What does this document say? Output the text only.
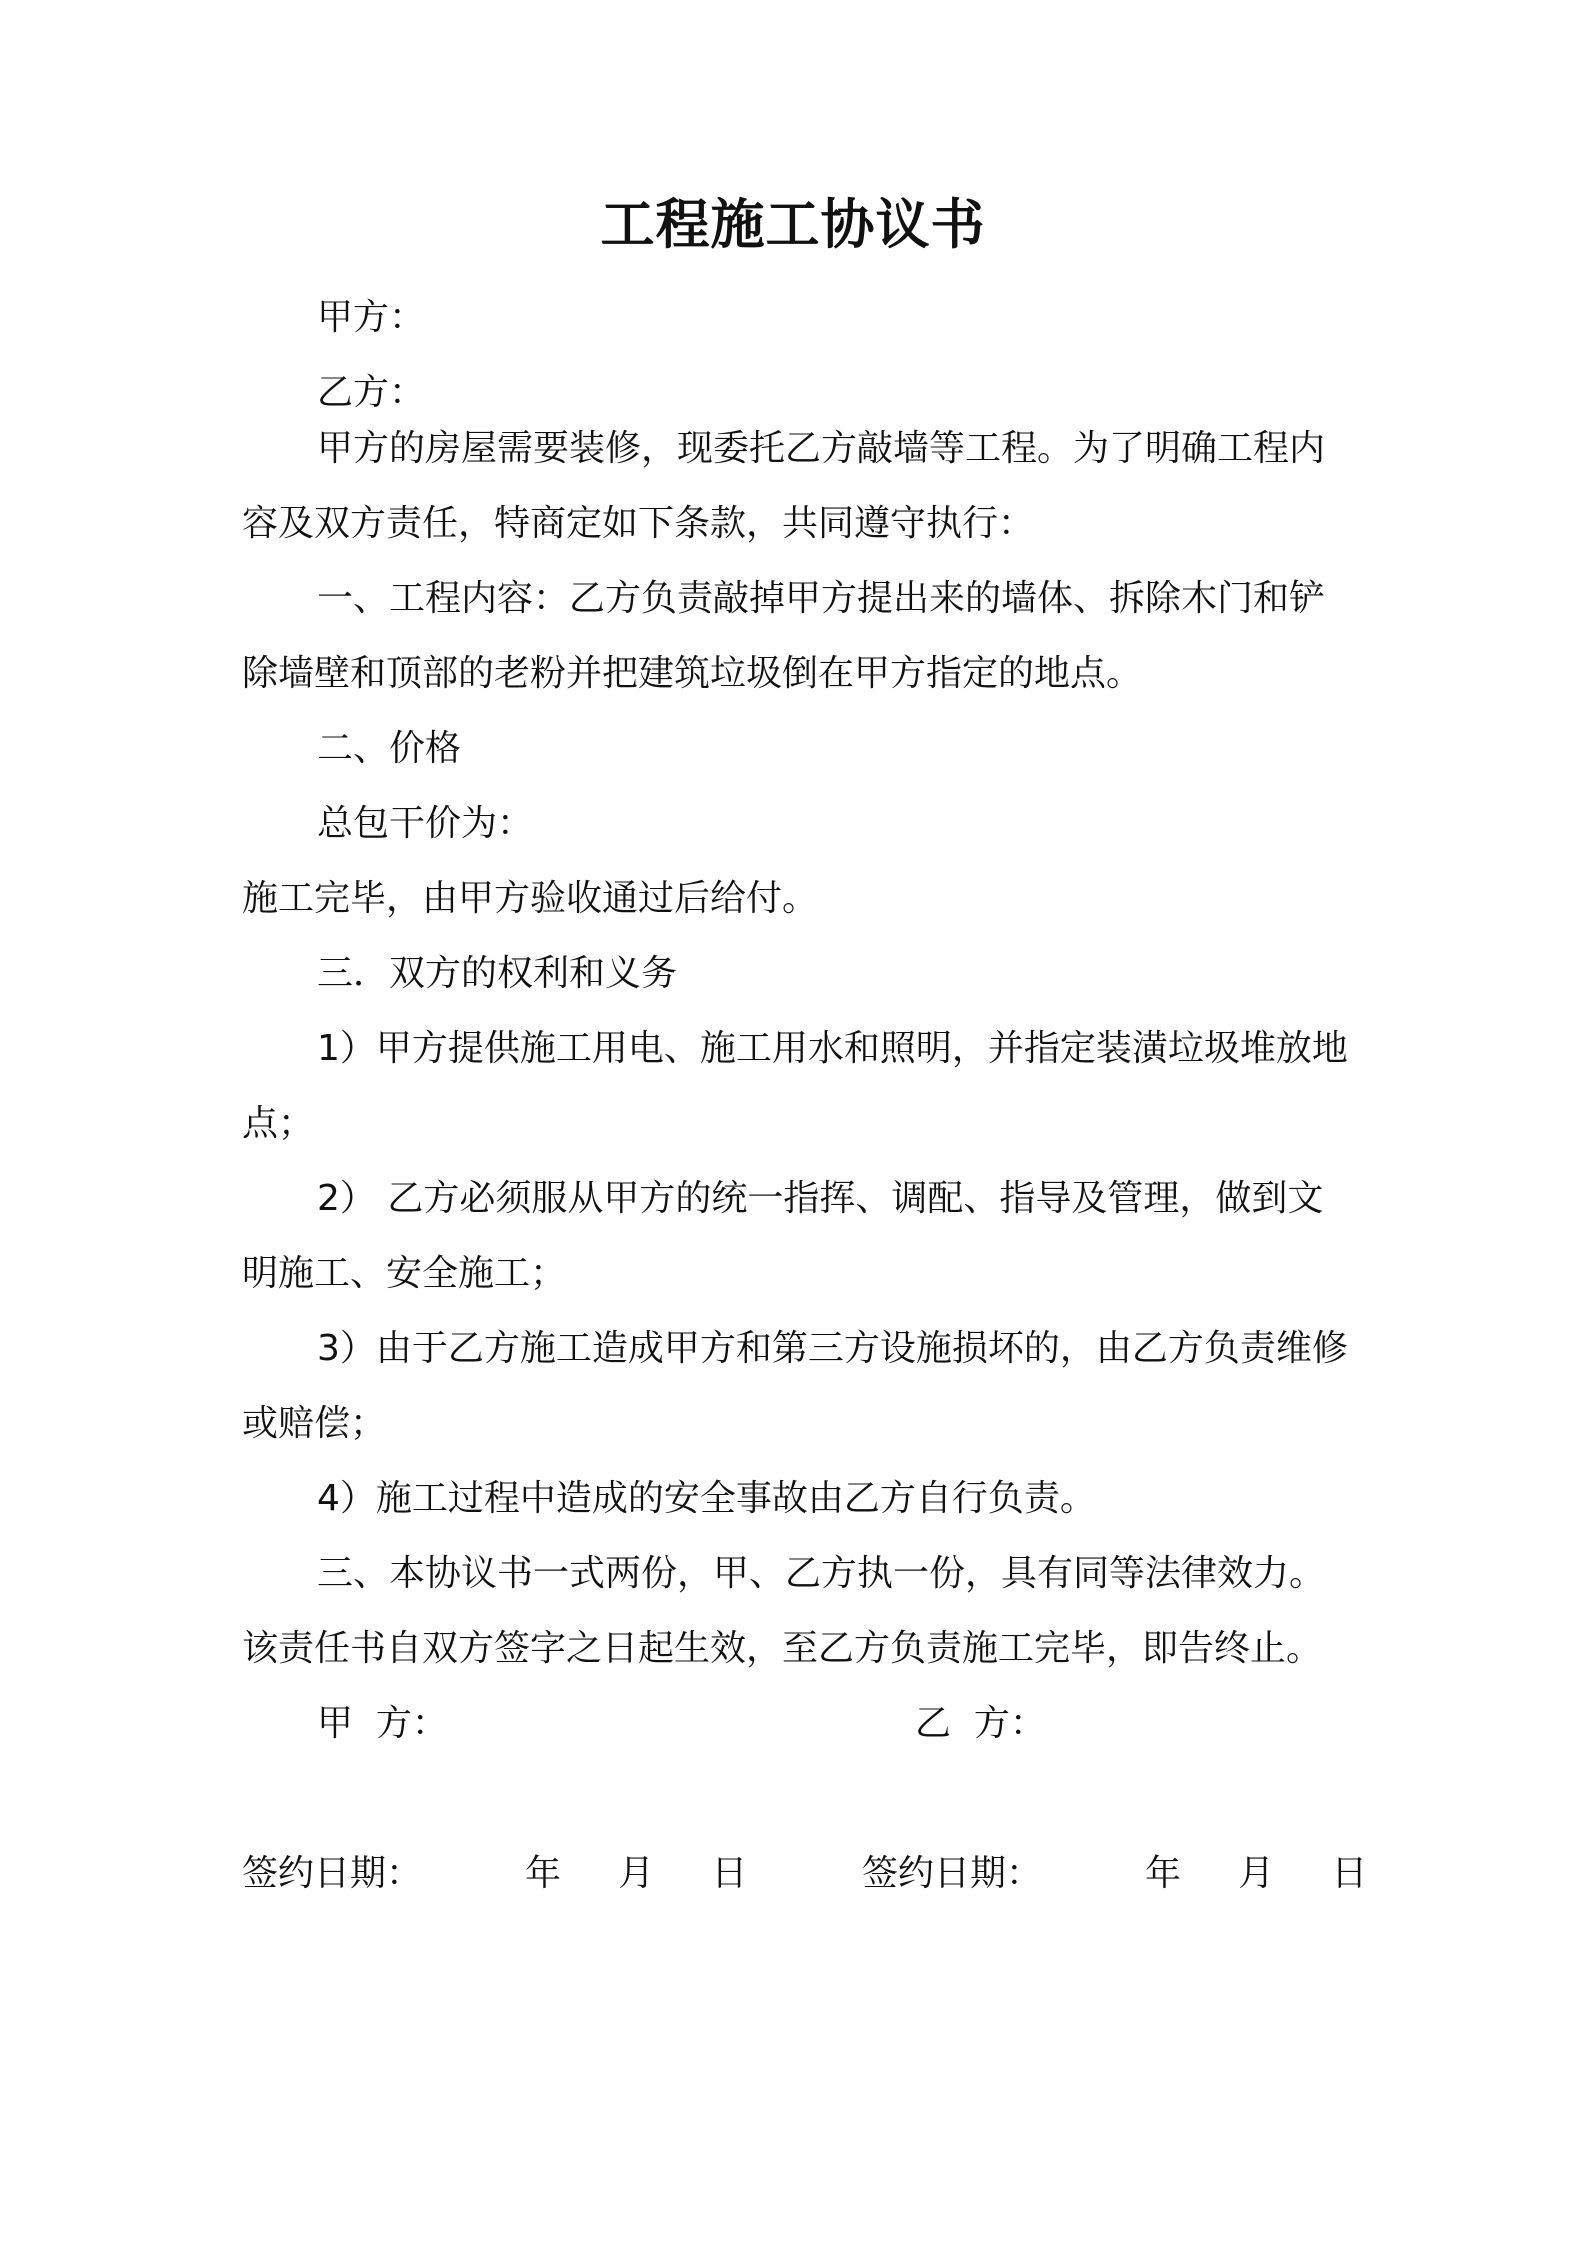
工程施工协议书

甲方：

乙方：

甲方的房屋需要装修，现委托乙方敲墙等工程。为了明确工程内容及双方责任，特商定如下条款，共同遵守执行：

一、工程内容：乙方负责敲掉甲方提出来的墙体、拆除木门和铲除墙壁和顶部的老粉并把建筑垃圾倒在甲方指定的地点。

二、价格

总包干价为：

施工完毕，由甲方验收通过后给付。

三．双方的权利和义务

1）甲方提供施工用电、施工用水和照明，并指定装潢垃圾堆放地点；

2） 乙方必须服从甲方的统一指挥、调配、指导及管理，做到文明施工、安全施工；

3）由于乙方施工造成甲方和第三方设施损坏的，由乙方负责维修或赔偿；

4）施工过程中造成的安全事故由乙方自行负责。

三、本协议书一式两份，甲、乙方执一份，具有同等法律效力。

该责任书自双方签字之日起生效，至乙方负责施工完毕，即告终止。

甲  方：	乙  方：
签约日期：         年     月     日	签约日期：         年     月     日
